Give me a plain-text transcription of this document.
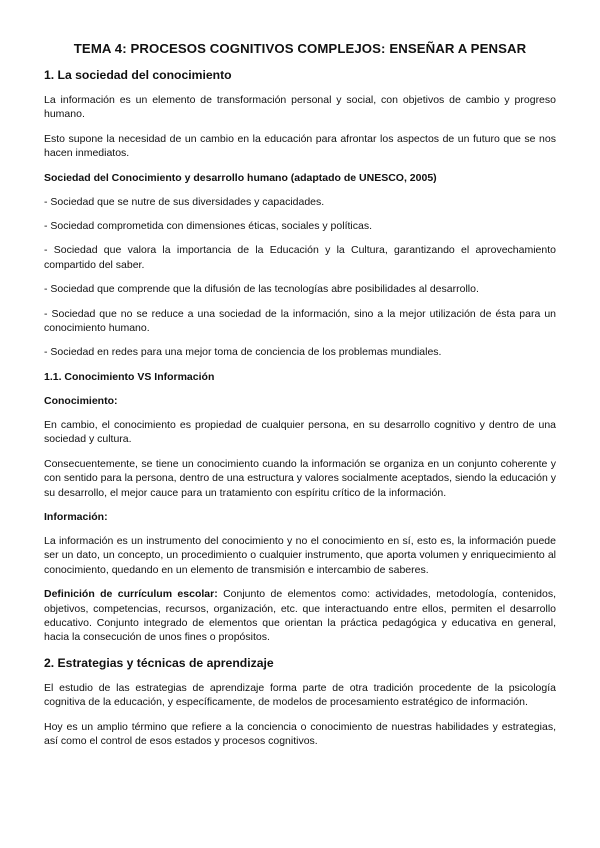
TEMA 4: PROCESOS COGNITIVOS COMPLEJOS: ENSEÑAR A PENSAR
1. La sociedad del conocimiento

La información es un elemento de transformación personal y social, con objetivos de cambio y progreso humano.

Esto supone la necesidad de un cambio en la educación para afrontar los aspectos de un futuro que se nos hacen inmediatos.

Sociedad del Conocimiento y desarrollo humano (adaptado de UNESCO, 2005)

- Sociedad que se nutre de sus diversidades y capacidades.

- Sociedad comprometida con dimensiones éticas, sociales y políticas.

- Sociedad que valora la importancia de la Educación y la Cultura, garantizando el aprovechamiento compartido del saber.

- Sociedad que comprende que la difusión de las tecnologías abre posibilidades al desarrollo.

- Sociedad que no se reduce a una sociedad de la información, sino a la mejor utilización de ésta para un conocimiento humano.

- Sociedad en redes para una mejor toma de conciencia de los problemas mundiales.

1.1. Conocimiento VS Información
Conocimiento:

En cambio, el conocimiento es propiedad de cualquier persona, en su desarrollo cognitivo y dentro de una sociedad y cultura.

Consecuentemente, se tiene un conocimiento cuando la información se organiza en un conjunto coherente y con sentido para la persona, dentro de una estructura y valores socialmente aceptados, siendo la educación y su desarrollo, el mejor cauce para un tratamiento con espíritu crítico de la información.

Información:

La información es un instrumento del conocimiento y no el conocimiento en sí, esto es, la información puede ser un dato, un concepto, un procedimiento o cualquier instrumento, que aporta volumen y enriquecimiento al conocimiento, quedando en un elemento de transmisión e intercambio de saberes.

Definición de currículum escolar: Conjunto de elementos como: actividades, metodología, contenidos, objetivos, competencias, recursos, organización, etc. que interactuando entre ellos, permiten el desarrollo educativo. Conjunto integrado de elementos que orientan la práctica pedagógica y educativa en general, hacia la consecución de unos fines o propósitos.

2. Estrategias y técnicas de aprendizaje

El estudio de las estrategias de aprendizaje forma parte de otra tradición procedente de la psicología cognitiva de la educación, y específicamente, de modelos de procesamiento estratégico de información.

Hoy es un amplio término que refiere a la conciencia o conocimiento de nuestras habilidades y estrategias, así como el control de esos estados y procesos cognitivos.
